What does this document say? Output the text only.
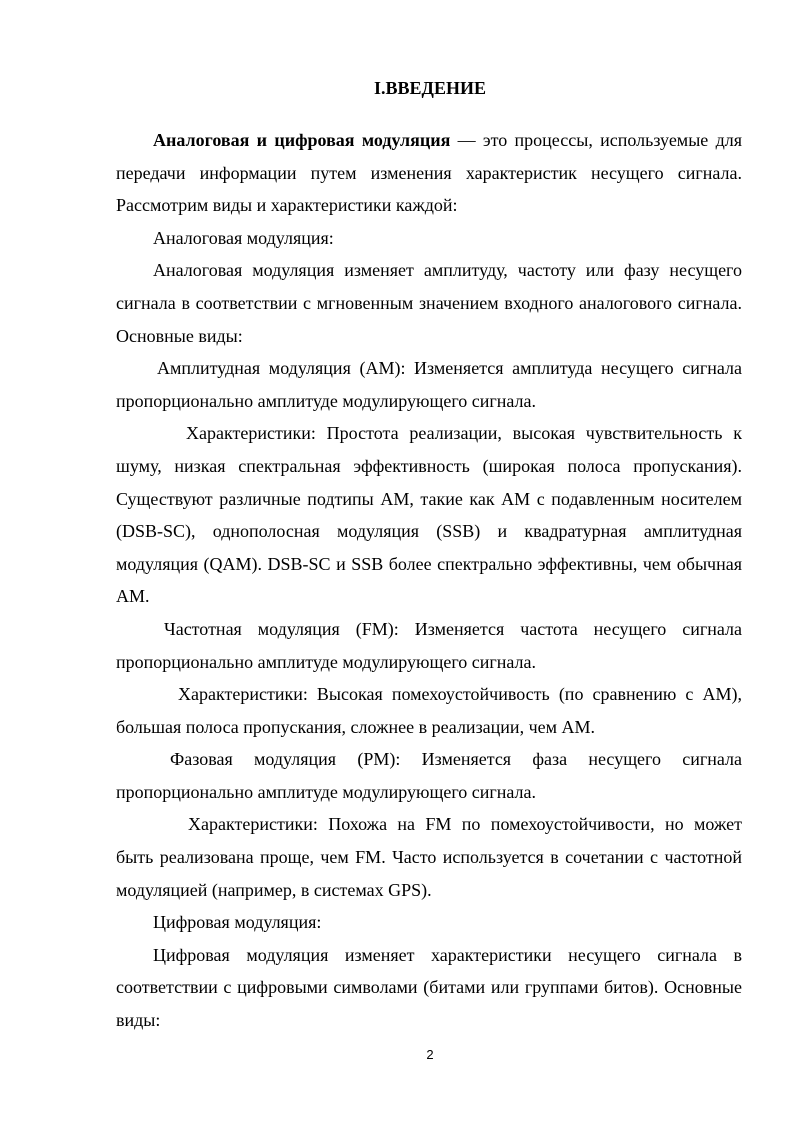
I.ВВЕДЕНИЕ

Аналоговая и цифровая модуляция — это процессы, используемые для передачи информации путем изменения характеристик несущего сигнала. Рассмотрим виды и характеристики каждой:

Аналоговая модуляция:

Аналоговая модуляция изменяет амплитуду, частоту или фазу несущего сигнала в соответствии с мгновенным значением входного аналогового сигнала. Основные виды:

Амплитудная модуляция (AM): Изменяется амплитуда несущего сигнала пропорционально амплитуде модулирующего сигнала.

Характеристики: Простота реализации, высокая чувствительность к шуму, низкая спектральная эффективность (широкая полоса пропускания). Существуют различные подтипы AM, такие как AM с подавленным носителем (DSB-SC), однополосная модуляция (SSB) и квадратурная амплитудная модуляция (QAM). DSB-SC и SSB более спектрально эффективны, чем обычная AM.

Частотная модуляция (FM): Изменяется частота несущего сигнала пропорционально амплитуде модулирующего сигнала.

Характеристики: Высокая помехоустойчивость (по сравнению с AM), большая полоса пропускания, сложнее в реализации, чем AM.

Фазовая модуляция (PM): Изменяется фаза несущего сигнала пропорционально амплитуде модулирующего сигнала.

Характеристики: Похожа на FM по помехоустойчивости, но может быть реализована проще, чем FM. Часто используется в сочетании с частотной модуляцией (например, в системах GPS).

Цифровая модуляция:

Цифровая модуляция изменяет характеристики несущего сигнала в соответствии с цифровыми символами (битами или группами битов). Основные виды:

2
